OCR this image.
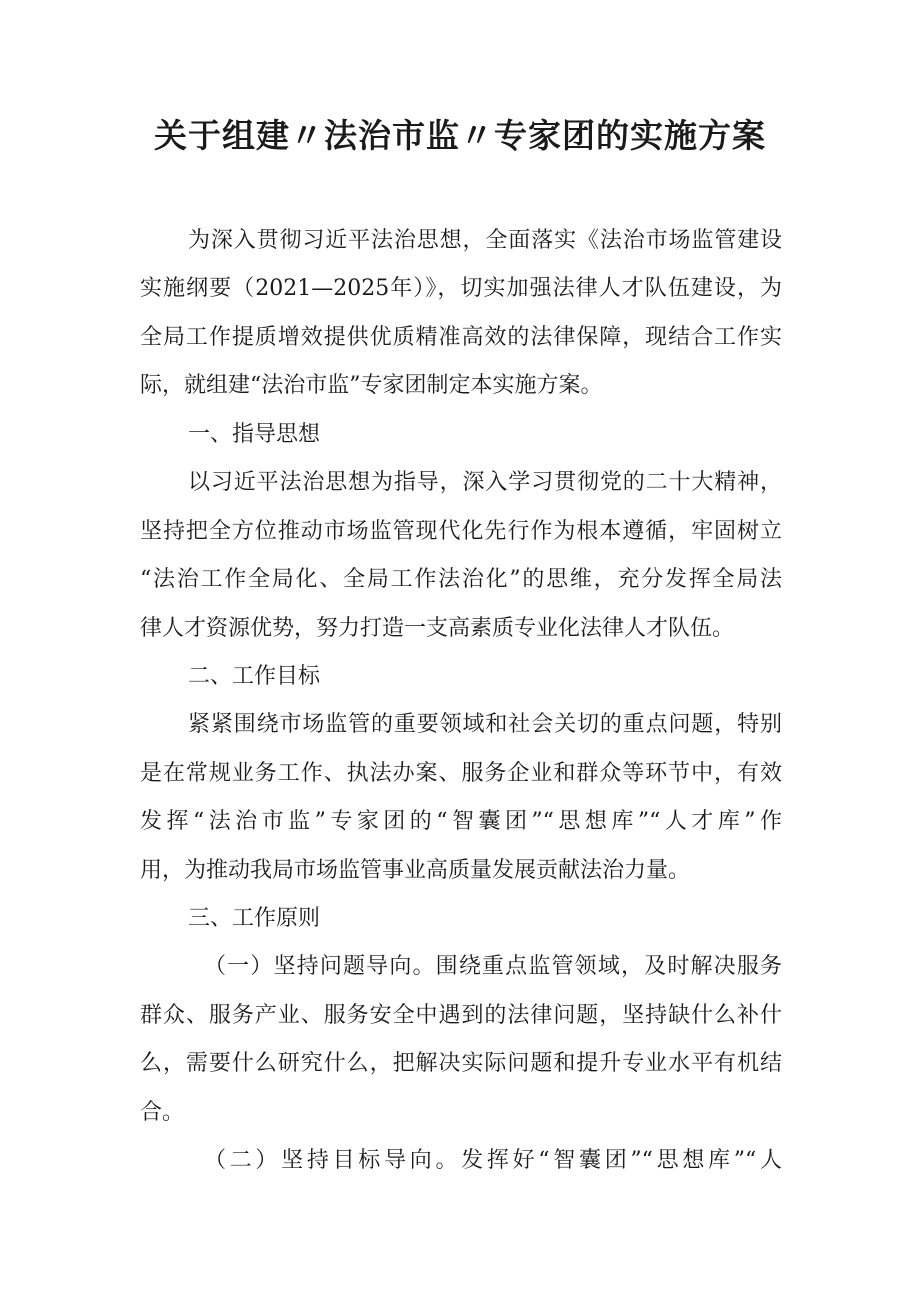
关于组建〃法治市监〃专家团的实施方案

为深入贯彻习近平法治思想，全面落实《法治市场监管建设

实施纲要（2021—2025年）》，切实加强法律人才队伍建设，为

全局工作提质增效提供优质精准高效的法律保障，现结合工作实

际，就组建“法治市监”专家团制定本实施方案。

一、指导思想

以习近平法治思想为指导，深入学习贯彻党的二十大精神，

坚持把全方位推动市场监管现代化先行作为根本遵循，牢固树立

“法治工作全局化、全局工作法治化”的思维，充分发挥全局法

律人才资源优势，努力打造一支高素质专业化法律人才队伍。

二、工作目标

紧紧围绕市场监管的重要领域和社会关切的重点问题，特别

是在常规业务工作、执法办案、服务企业和群众等环节中，有效

发挥“法治市监”专家团的“智囊团”“思想库”“人才库”作

用，为推动我局市场监管事业高质量发展贡献法治力量。

三、工作原则

（一）坚持问题导向。围绕重点监管领域，及时解决服务

群众、服务产业、服务安全中遇到的法律问题，坚持缺什么补什

么，需要什么研究什么，把解决实际问题和提升专业水平有机结

合。

（二）坚持目标导向。发挥好“智囊团”“思想库”“人
